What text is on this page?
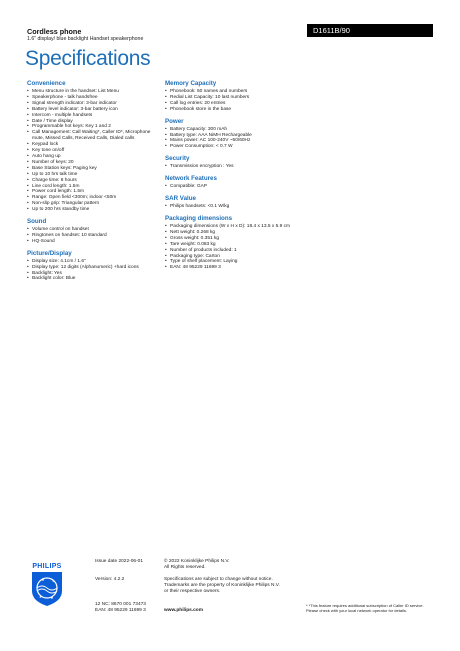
Cordless phone
1.6" display/ blue backlight Handset speakerphone
D1611B/90
Specifications
Convenience
• Menu structure in the handset: List Menu
• Speakerphone - talk handsfree
• Signal strength indicator: 3-bar indicator
• Battery level indicator: 3-bar battery icon
• Intercom - multiple handsets
• Date / Time display
• Programmable hot keys: Key 1 and 2
• Call Management: Call Waiting*, Caller ID*, Microphone mute, Missed Calls, Received Calls, Dialed calls
• Keypad lock
• Key tone on/off
• Auto hang up
• Number of keys: 20
• Base Station keys: Paging key
• Up to 10 hrs talk time
• Charge time: 8 hours
• Line cord length: 1.5m
• Power cord length: 1.5m
• Range: Open field <300m; indoor <50m
• Non-slip grip: Triangular pattern
• Up to 200 hrs standby time
Sound
• Volume control on handset
• Ringtones on handset: 10 standard
• HQ-Sound
Picture/Display
• Display size: 4.1cm / 1.6"
• Display type: 12 digits (Alphanumeric) +hard icons
• Backlight: Yes
• Backlight color: Blue
Memory Capacity
• Phonebook: 50 names and numbers
• Redial List Capacity: 10 last numbers
• Call log entries: 20 entries
• Phonebook store in the base
Power
• Battery Capacity: 300 mAh
• Battery type: AAA NiMH Rechargeable
• Mains power: AC 100-240V ~50/60Hz
• Power Consumption: < 0.7 W
Security
• Transmission encryption : Yes
Network Features
• Compatible: GAP
SAR Value
• Philips handsets: <0.1 W/kg
Packaging dimensions
• Packaging dimensions (W x H x D): 18.4 x 13.5 x 5.9 cm
• Nett weight: 0.268 kg
• Gross weight: 0.351 kg
• Tare weight: 0.083 kg
• Number of products included: 1
• Packaging type: Carton
• Type of shelf placement: Laying
• EAN: 48 95229 11699 3
PHILIPS
★
★
★
★
Issue date 2022-06-01
Version: 4.2.2
12 NC: 8670 001 73473
EAN: 48 95229 11699 3
© 2022 Koninklijke Philips N.V.
All Rights reserved.
Specifications are subject to change without notice.
Trademarks are the property of Koninklijke Philips N.V.
or their respective owners.
www.philips.com
* *This feature requires additional subscription of Caller ID service.
Please check with your local network operator for details.
